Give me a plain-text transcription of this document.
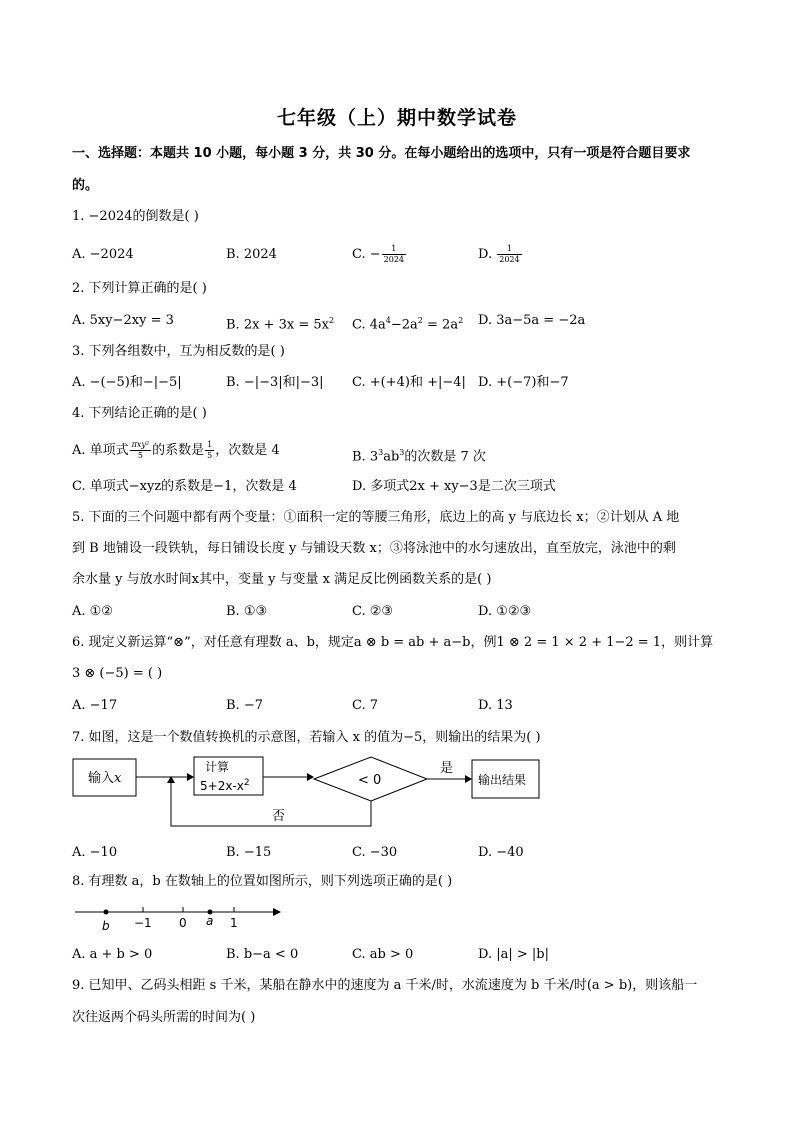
七年级（上）期中数学试卷
一、选择题：本题共 10 小题，每小题 3 分，共 30 分。在每小题给出的选项中，只有一项是符合题目要求
的。
1. −2024的倒数是( )
A. −2024	B. 2024	C. − $\frac{1}{2024}$	D. $\frac{1}{2024}$
2. 下列计算正确的是( )
A. 5xy−2xy = 3	B. $2x + 3x = 5x^2$ C. $4a^4-2a^2 = 2a^2$ D. 3a−5a = −2a
3. 下列各组数中，互为相反数的是( )
A. −(−5)和−|−5|	B. −|−3|和|−3| C. +(+4)和 +|−4| D. +(−7)和−7
4. 下列结论正确的是( )
A. 单项式 $\frac{\text{πxy²}}{5}$ 的系数是 $\frac{1}{5}$ ，次数是 4	B. $3^3ab^3$的次数是 7 次
C. 单项式−xyz的系数是−1，次数是 4	D. 多项式2x + xy−3是二次三项式
5. 下面的三个问题中都有两个变量：①面积一定的等腰三角形，底边上的高 y 与底边长 x；②计划从 A 地
到 B 地铺设一段铁轨，每日铺设长度 y 与铺设天数 x；③将泳池中的水匀速放出，直至放完，泳池中的剩
余水量 y 与放水时间x其中，变量 y 与变量 x 满足反比例函数关系的是( )
A. ①②	B. ①③	C. ②③	D. ①②③
6. 现定义新运算“⊗”，对任意有理数 a、b，规定a ⊗ b = ab + a−b，例1 ⊗ 2 = 1 × 2 + 1−2 = 1，则计算
3 ⊗ (−5) = ( )
A. −17	B. −7	C. 7	D. 13
7. 如图，这是一个数值转换机的示意图，若输入 x 的值为−5，则输出的结果为( )
输入x
计算
$5+2x-x^2$	< 0
是
输出结果
否
A. −10	B. −15	C. −30	D. −40
8. 有理数 a，b 在数轴上的位置如图所示，则下列选项正确的是( )
b −1 0 a 1
A. a + b > 0	B. b−a < 0	C. ab > 0	D. |a| > |b|
9. 已知甲、乙码头相距 s 千米，某船在静水中的速度为 a 千米/时，水流速度为 b 千米/时(a > b)，则该船一
次往返两个码头所需的时间为( )
